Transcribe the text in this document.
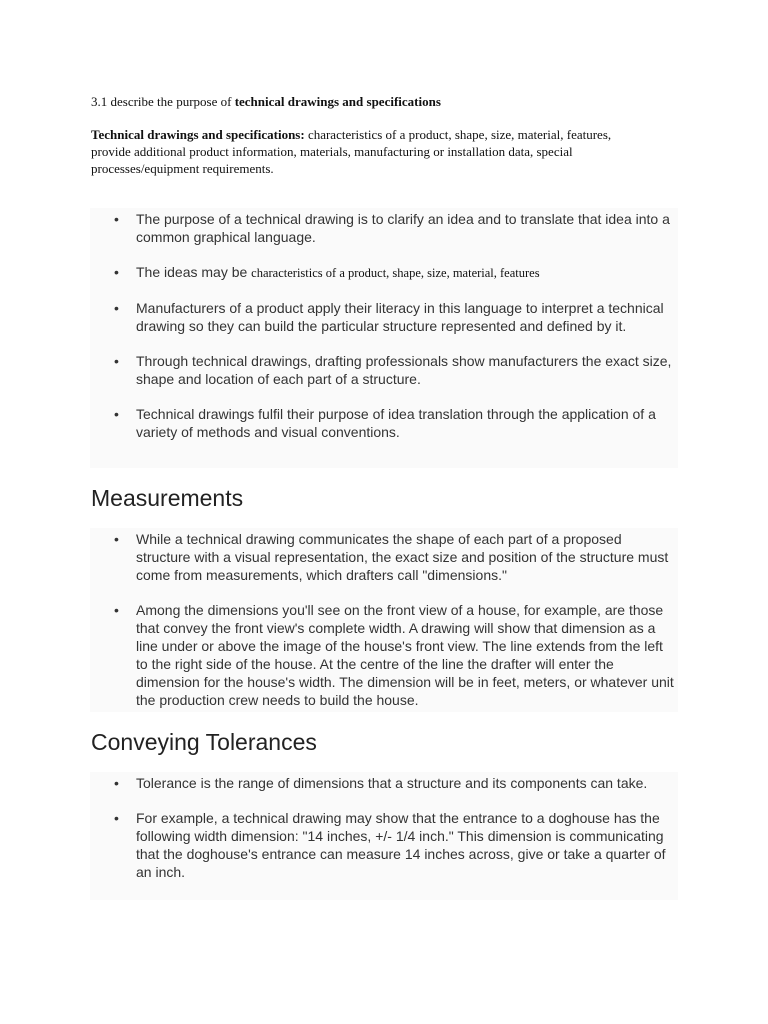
3.1 describe the purpose of technical drawings and specifications

Technical drawings and specifications: characteristics of a product, shape, size, material, features, provide additional product information, materials, manufacturing or installation data, special processes/equipment requirements.

• The purpose of a technical drawing is to clarify an idea and to translate that idea into a common graphical language.
• The ideas may be characteristics of a product, shape, size, material, features
• Manufacturers of a product apply their literacy in this language to interpret a technical drawing so they can build the particular structure represented and defined by it.
• Through technical drawings, drafting professionals show manufacturers the exact size, shape and location of each part of a structure.
• Technical drawings fulfil their purpose of idea translation through the application of a variety of methods and visual conventions.
Measurements
• While a technical drawing communicates the shape of each part of a proposed structure with a visual representation, the exact size and position of the structure must come from measurements, which drafters call "dimensions."
• Among the dimensions you'll see on the front view of a house, for example, are those that convey the front view's complete width. A drawing will show that dimension as a line under or above the image of the house's front view. The line extends from the left to the right side of the house. At the centre of the line the drafter will enter the dimension for the house's width. The dimension will be in feet, meters, or whatever unit the production crew needs to build the house.
Conveying Tolerances
• Tolerance is the range of dimensions that a structure and its components can take.
• For example, a technical drawing may show that the entrance to a doghouse has the following width dimension: "14 inches, +/- 1/4 inch." This dimension is communicating that the doghouse's entrance can measure 14 inches across, give or take a quarter of an inch.
